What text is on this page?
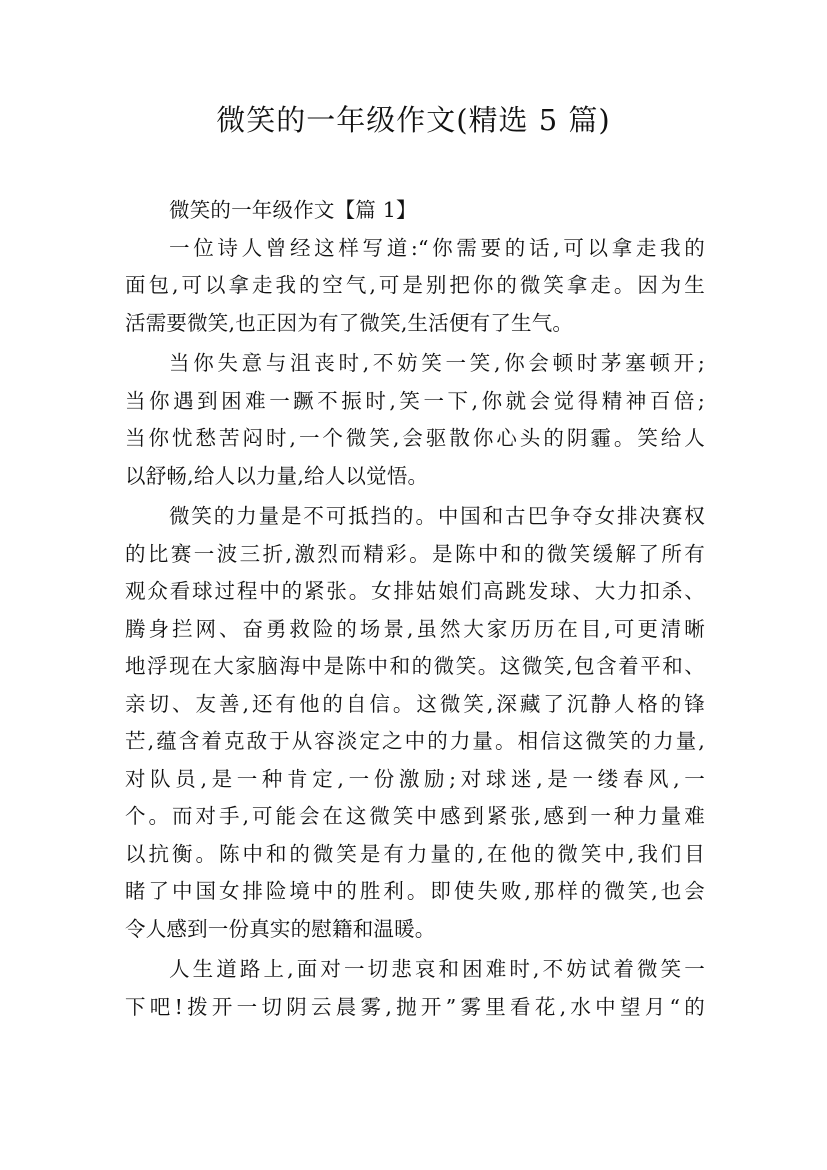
微笑的一年级作文(精选 5 篇)
微笑的一年级作文【篇 1】
一位诗人曾经这样写道:“你需要的话,可以拿走我的
面包,可以拿走我的空气,可是别把你的微笑拿走。因为生
活需要微笑,也正因为有了微笑,生活便有了生气。
当你失意与沮丧时,不妨笑一笑,你会顿时茅塞顿开;
当你遇到困难一蹶不振时,笑一下,你就会觉得精神百倍;
当你忧愁苦闷时,一个微笑,会驱散你心头的阴霾。笑给人
以舒畅,给人以力量,给人以觉悟。
微笑的力量是不可抵挡的。中国和古巴争夺女排决赛权
的比赛一波三折,激烈而精彩。是陈中和的微笑缓解了所有
观众看球过程中的紧张。女排姑娘们高跳发球、大力扣杀、
腾身拦网、奋勇救险的场景,虽然大家历历在目,可更清晰
地浮现在大家脑海中是陈中和的微笑。这微笑,包含着平和、
亲切、友善,还有他的自信。这微笑,深藏了沉静人格的锋
芒,蕴含着克敌于从容淡定之中的力量。相信这微笑的力量,
对队员,是一种肯定,一份激励;对球迷,是一缕春风,一
个。而对手,可能会在这微笑中感到紧张,感到一种力量难
以抗衡。陈中和的微笑是有力量的,在他的微笑中,我们目
睹了中国女排险境中的胜利。即使失败,那样的微笑,也会
令人感到一份真实的慰籍和温暖。
人生道路上,面对一切悲哀和困难时,不妨试着微笑一
下吧!拨开一切阴云晨雾,抛开”雾里看花,水中望月“的
